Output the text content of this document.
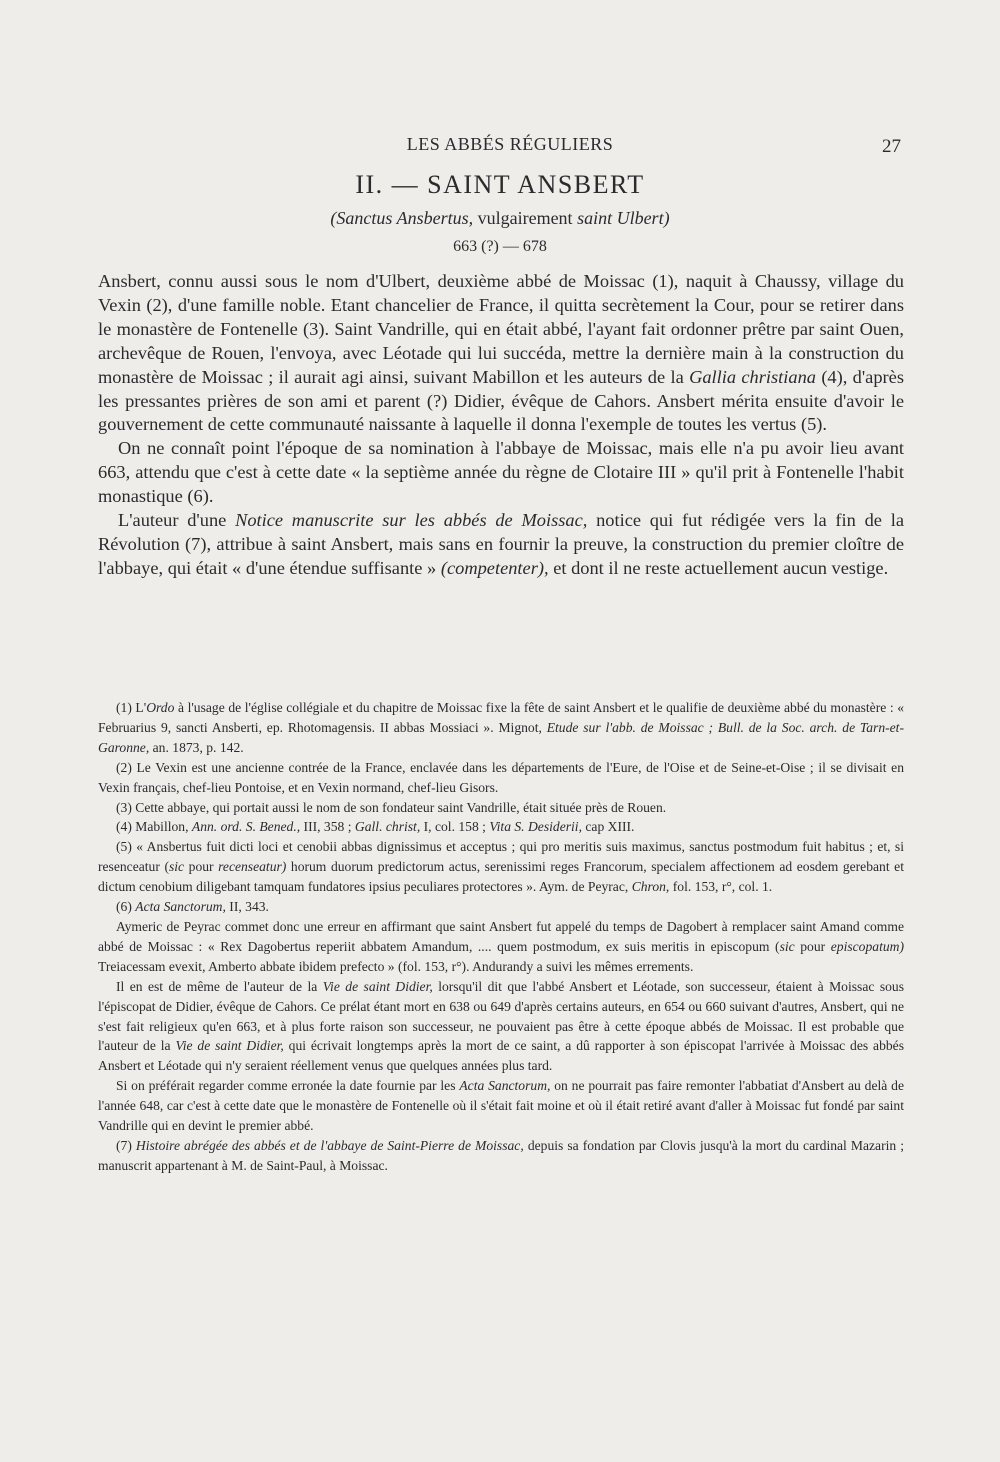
LES ABBÉS RÉGULIERS	27
II. — SAINT ANSBERT
(Sanctus Ansbertus, vulgairement saint Ulbert)
663 (?) — 678

Ansbert, connu aussi sous le nom d'Ulbert, deuxième abbé de Moissac (1), naquit à Chaussy, village du Vexin (2), d'une famille noble. Etant chancelier de France, il quitta secrètement la Cour, pour se retirer dans le monastère de Fontenelle (3). Saint Vandrille, qui en était abbé, l'ayant fait ordonner prêtre par saint Ouen, archevêque de Rouen, l'envoya, avec Léotade qui lui succéda, mettre la dernière main à la construction du monastère de Moissac ; il aurait agi ainsi, suivant Mabillon et les auteurs de la Gallia christiana (4), d'après les pressantes prières de son ami et parent (?) Didier, évêque de Cahors. Ansbert mérita ensuite d'avoir le gouvernement de cette communauté naissante à laquelle il donna l'exemple de toutes les vertus (5).

On ne connaît point l'époque de sa nomination à l'abbaye de Moissac, mais elle n'a pu avoir lieu avant 663, attendu que c'est à cette date « la septième année du règne de Clotaire III » qu'il prit à Fontenelle l'habit monastique (6).

L'auteur d'une Notice manuscrite sur les abbés de Moissac, notice qui fut rédigée vers la fin de la Révolution (7), attribue à saint Ansbert, mais sans en fournir la preuve, la construction du premier cloître de l'abbaye, qui était « d'une étendue suffisante » (competenter), et dont il ne reste actuellement aucun vestige.

(1) L'Ordo à l'usage de l'église collégiale et du chapitre de Moissac fixe la fête de saint Ansbert et le qualifie de deuxième abbé du monastère : « Februarius 9, sancti Ansberti, ep. Rhotomagensis. II abbas Mossiaci ». Mignot, Etude sur l'abb. de Moissac ; Bull. de la Soc. arch. de Tarn-et-Garonne, an. 1873, p. 142.

(2) Le Vexin est une ancienne contrée de la France, enclavée dans les départements de l'Eure, de l'Oise et de Seine-et-Oise ; il se divisait en Vexin français, chef-lieu Pontoise, et en Vexin normand, chef-lieu Gisors.

(3) Cette abbaye, qui portait aussi le nom de son fondateur saint Vandrille, était située près de Rouen.

(4) Mabillon, Ann. ord. S. Bened., III, 358 ; Gall. christ, I, col. 158 ; Vita S. Desiderii, cap XIII.

(5) « Ansbertus fuit dicti loci et cenobii abbas dignissimus et acceptus ; qui pro meritis suis maximus, sanctus postmodum fuit habitus ; et, si resenceatur (sic pour recenseatur) horum duorum predictorum actus, serenissimi reges Francorum, specialem affectionem ad eosdem gerebant et dictum cenobium diligebant tamquam fundatores ipsius peculiares protectores ». Aym. de Peyrac, Chron, fol. 153, r°, col. 1.

(6) Acta Sanctorum, II, 343.

Aymeric de Peyrac commet donc une erreur en affirmant que saint Ansbert fut appelé du temps de Dagobert à remplacer saint Amand comme abbé de Moissac : « Rex Dagobertus reperiit abbatem Amandum, .... quem postmodum, ex suis meritis in episcopum (sic pour episcopatum) Treiacessam evexit, Amberto abbate ibidem prefecto » (fol. 153, r°). Andurandy a suivi les mêmes errements.

Il en est de même de l'auteur de la Vie de saint Didier, lorsqu'il dit que l'abbé Ansbert et Léotade, son successeur, étaient à Moissac sous l'épiscopat de Didier, évêque de Cahors. Ce prélat étant mort en 638 ou 649 d'après certains auteurs, en 654 ou 660 suivant d'autres, Ansbert, qui ne s'est fait religieux qu'en 663, et à plus forte raison son successeur, ne pouvaient pas être à cette époque abbés de Moissac. Il est probable que l'auteur de la Vie de saint Didier, qui écrivait longtemps après la mort de ce saint, a dû rapporter à son épiscopat l'arrivée à Moissac des abbés Ansbert et Léotade qui n'y seraient réellement venus que quelques années plus tard.

Si on préférait regarder comme erronée la date fournie par les Acta Sanctorum, on ne pourrait pas faire remonter l'abbatiat d'Ansbert au delà de l'année 648, car c'est à cette date que le monastère de Fontenelle où il s'était fait moine et où il était retiré avant d'aller à Moissac fut fondé par saint Vandrille qui en devint le premier abbé.

(7) Histoire abrégée des abbés et de l'abbaye de Saint-Pierre de Moissac, depuis sa fondation par Clovis jusqu'à la mort du cardinal Mazarin ; manuscrit appartenant à M. de Saint-Paul, à Moissac.
